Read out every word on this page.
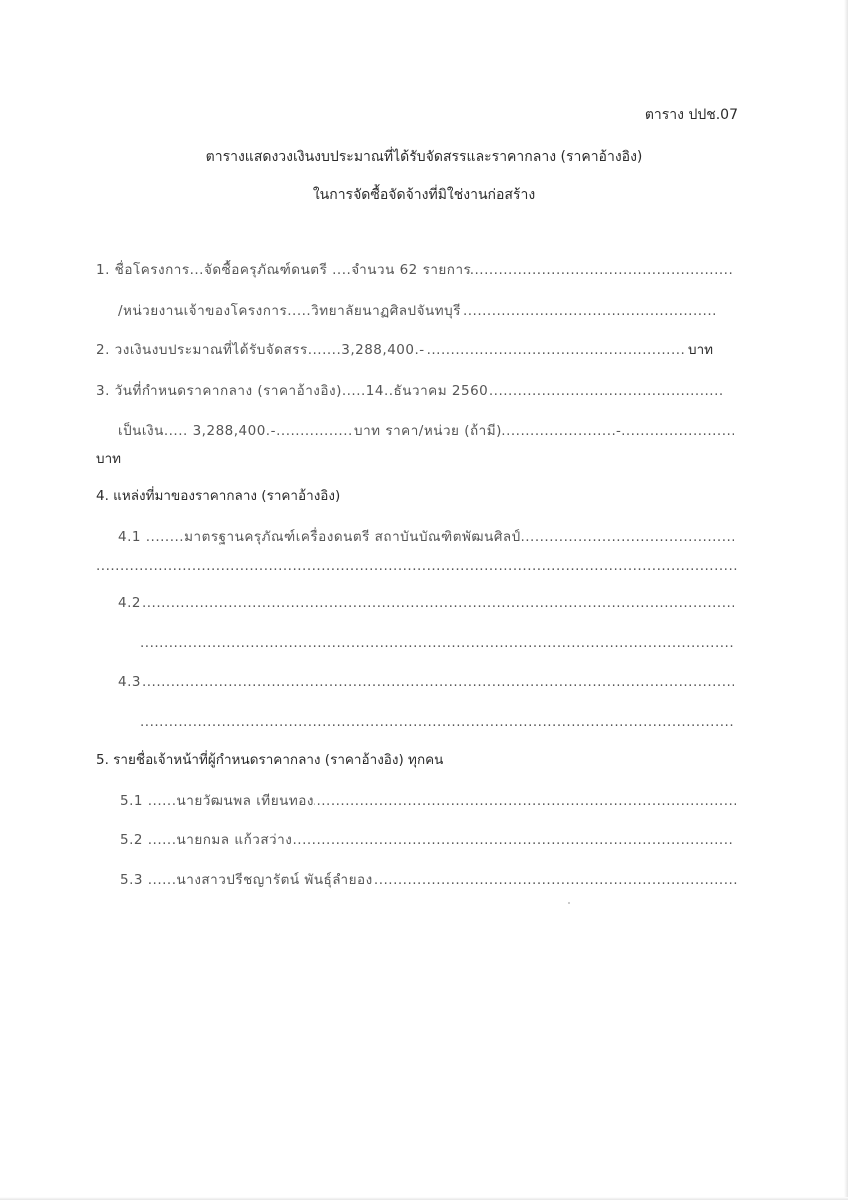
ตาราง ปปช.07
ตารางแสดงวงเงินงบประมาณที่ได้รับจัดสรรและราคากลาง (ราคาอ้างอิง)
ในการจัดซื้อจัดจ้างที่มิใช่งานก่อสร้าง
..... 1. ชื่อโครงการ...จัดซื้อครุภัณฑ์ดนตรี ....จำนวน 62 รายการ
..... /หน่วยงานเจ้าของโครงการ.....วิทยาลัยนาฏศิลปจันทบุรี
..... 2. วงเงินงบประมาณที่ได้รับจัดสรร.......3,288,400.-	บาท
..... 3. วันที่กำหนดราคากลาง (ราคาอ้างอิง).....14..ธันวาคม 2560
..... เป็นเงิน..... 3,288,400.-	บาท ราคา/หน่วย (ถ้ามี)	-
บาท
4. แหล่งที่มาของราคากลาง (ราคาอ้างอิง)
..... 4.1 ........มาตรฐานครุภัณฑ์เครื่องดนตรี สถาบันบัณฑิตพัฒนศิลป์
.....
..... 4.2
.....
..... 4.3
.....
5. รายชื่อเจ้าหน้าที่ผู้กำหนดราคากลาง (ราคาอ้างอิง) ทุกคน
..... 5.1 ......นายวัฒนพล เทียนทอง
..... 5.2 ......นายกมล แก้วสว่าง
..... 5.3 ......นางสาวปรีชญารัตน์ พันธุ์ลำยอง
